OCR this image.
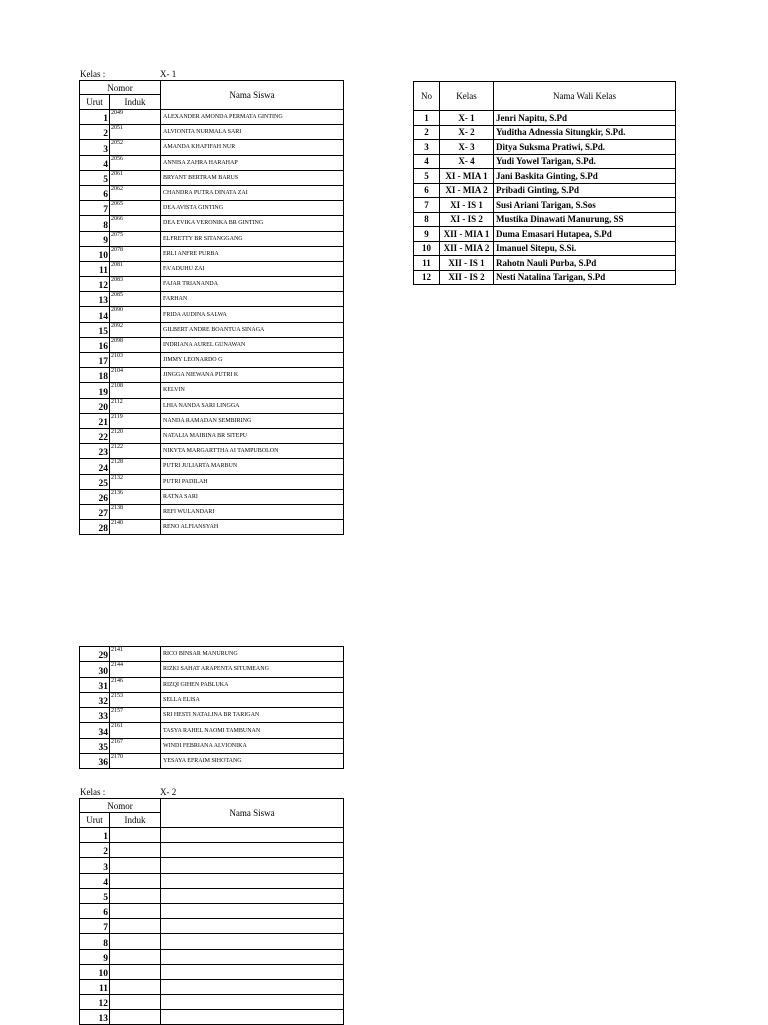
Kelas :	X- 1
Nomor		Nama Siswa
Urut	Induk	
1	2049	ALEXANDER AMONDA PERMATA GINTING
2	2051	ALVIONITA NURMALA SARI
3	2052	AMANDA KHAFIFAH NUR
4	2056	ANNISA ZAHRA HARAHAP
5	2061	BRYANT BERTRAM BARUS
6	2062	CHANDRA PUTRA DINATA ZAI
7	2065	DEA AVISTA GINTING
8	2066	DEA EVIKA VERONIKA BR GINTING
9	2075	ELFRETTY BR SITANGGANG
10	2078	ERLI ANFRE PURBA
11	2081	FA'ADUHU ZAI
12	2083	FAJAR TRIANANDA
13	2085	FARHAN
14	2090	FRIDA AUDINA SALWA
15	2092	GILBERT ANDRE BOANTUA SINAGA
16	2098	INDRIANA AUREL GUNAWAN
17	2103	JIMMY LEONARDO G
18	2104	JINGGA NIEWANA PUTRI K
19	2108	KELVIN
20	2112	LHIA NANDA SARI LINGGA
21	2119	NANDA RAMADAN SEMBIRING
22	2120	NATALIA MAIBINA BR SITEPU
23	2122	NIKYTA MARGARTTHA AI TAMPUBOLON
24	2128	PUTRI JULIARTA MARBUN
25	2132	PUTRI PADILAH
26	2136	RATNA SARI
27	2138	REFI WULANDARI
28	2140	RENO ALFIANSYAH
29	2141	RICO BINSAR MANURUNG
30	2144	RIZKI SAHAT ARAPENTA SITUMEANG
31	2146	RIZQI GIHEN PABLUKA
32	2153	SELLA ELISA
33	2157	SRI HESTI NATALINA BR TARIGAN
34	2161	TASYA RAHEL NAOMI TAMBUNAN
35	2167	WINDI FEBRIANA ALVIONIKA
36	2170	YESAYA EFRAIM SIHOTANG
Kelas :	X- 2
Nomor		Nama Siswa
Urut	Induk	
1		
2		
3		
4		
5		
6		
7		
8		
9		
10		
11		
12		
13		
No	Kelas	Nama Wali Kelas
1	X- 1	Jenri Napitu, S.Pd
2	X- 2	Yuditha Adnessia Situngkir, S.Pd.
3	X- 3	Ditya Suksma Pratiwi, S.Pd.
4	X- 4	Yudi Yowel Tarigan, S.Pd.
5	XI - MIA 1	Jani Baskita Ginting, S.Pd
6	XI - MIA 2	Pribadi Ginting, S.Pd
7	XI - IS 1	Susi Ariani Tarigan, S.Sos
8	XI - IS 2	Mustika Dinawati Manurung, SS
9	XII - MIA 1	Duma Emasari Hutapea, S.Pd
10	XII - MIA 2	Imanuel Sitepu, S.Si.
11	XII - IS 1	Rahotn Nauli Purba, S.Pd
12	XII - IS 2	Nesti Natalina Tarigan, S.Pd
